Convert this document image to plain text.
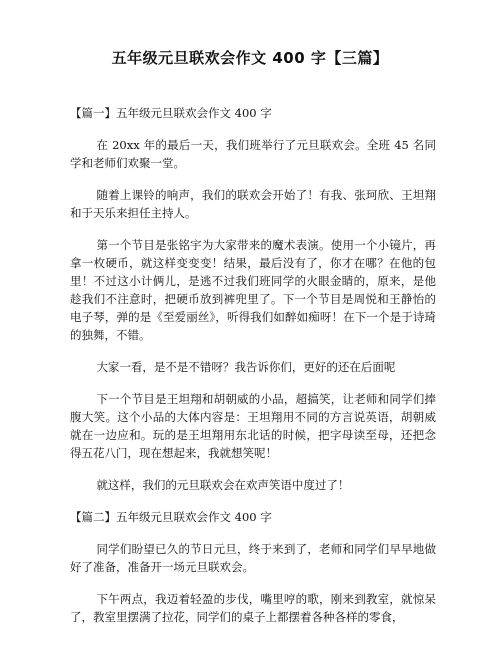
五年级元旦联欢会作文 400 字【三篇】
【篇一】五年级元旦联欢会作文 400 字

在 20xx 年的最后一天，我们班举行了元旦联欢会。全班 45 名同学和老师们欢聚一堂。

随着上课铃的响声，我们的联欢会开始了！有我、张珂欣、王坦翔和于天乐来担任主持人。

第一个节目是张铭宇为大家带来的魔术表演。使用一个小镜片，再拿一枚硬币，就这样变变变！结果，最后没有了，你才在哪？在他的包里！不过这小计俩儿，是逃不过我们班同学的火眼金睛的，原来，是他趁我们不注意时，把硬币放到裤兜里了。下一个节目是周悦和王静怡的电子琴，弹的是《至爱丽丝》，听得我们如醉如痴呀！在下一个是于诗琦的独舞，不错。

大家一看，是不是不错呀？我告诉你们，更好的还在后面呢

下一个节目是王坦翔和胡朝威的小品，超搞笑，让老师和同学们捧腹大笑。这个小品的大体内容是：王坦翔用不同的方言说英语，胡朝威就在一边应和。玩的是王坦翔用东北话的时候，把字母读至母，还把念得五花八门，现在想起来，我就想笑呢！

就这样，我们的元旦联欢会在欢声笑语中度过了！

【篇二】五年级元旦联欢会作文 400 字

同学们盼望已久的节日元旦，终于来到了，老师和同学们早早地做好了准备，准备开一场元旦联欢会。

下午两点，我迈着轻盈的步伐，嘴里哼的歌，刚来到教室，就惊呆了，教室里摆满了拉花，同学们的桌子上都摆着各种各样的零食，
